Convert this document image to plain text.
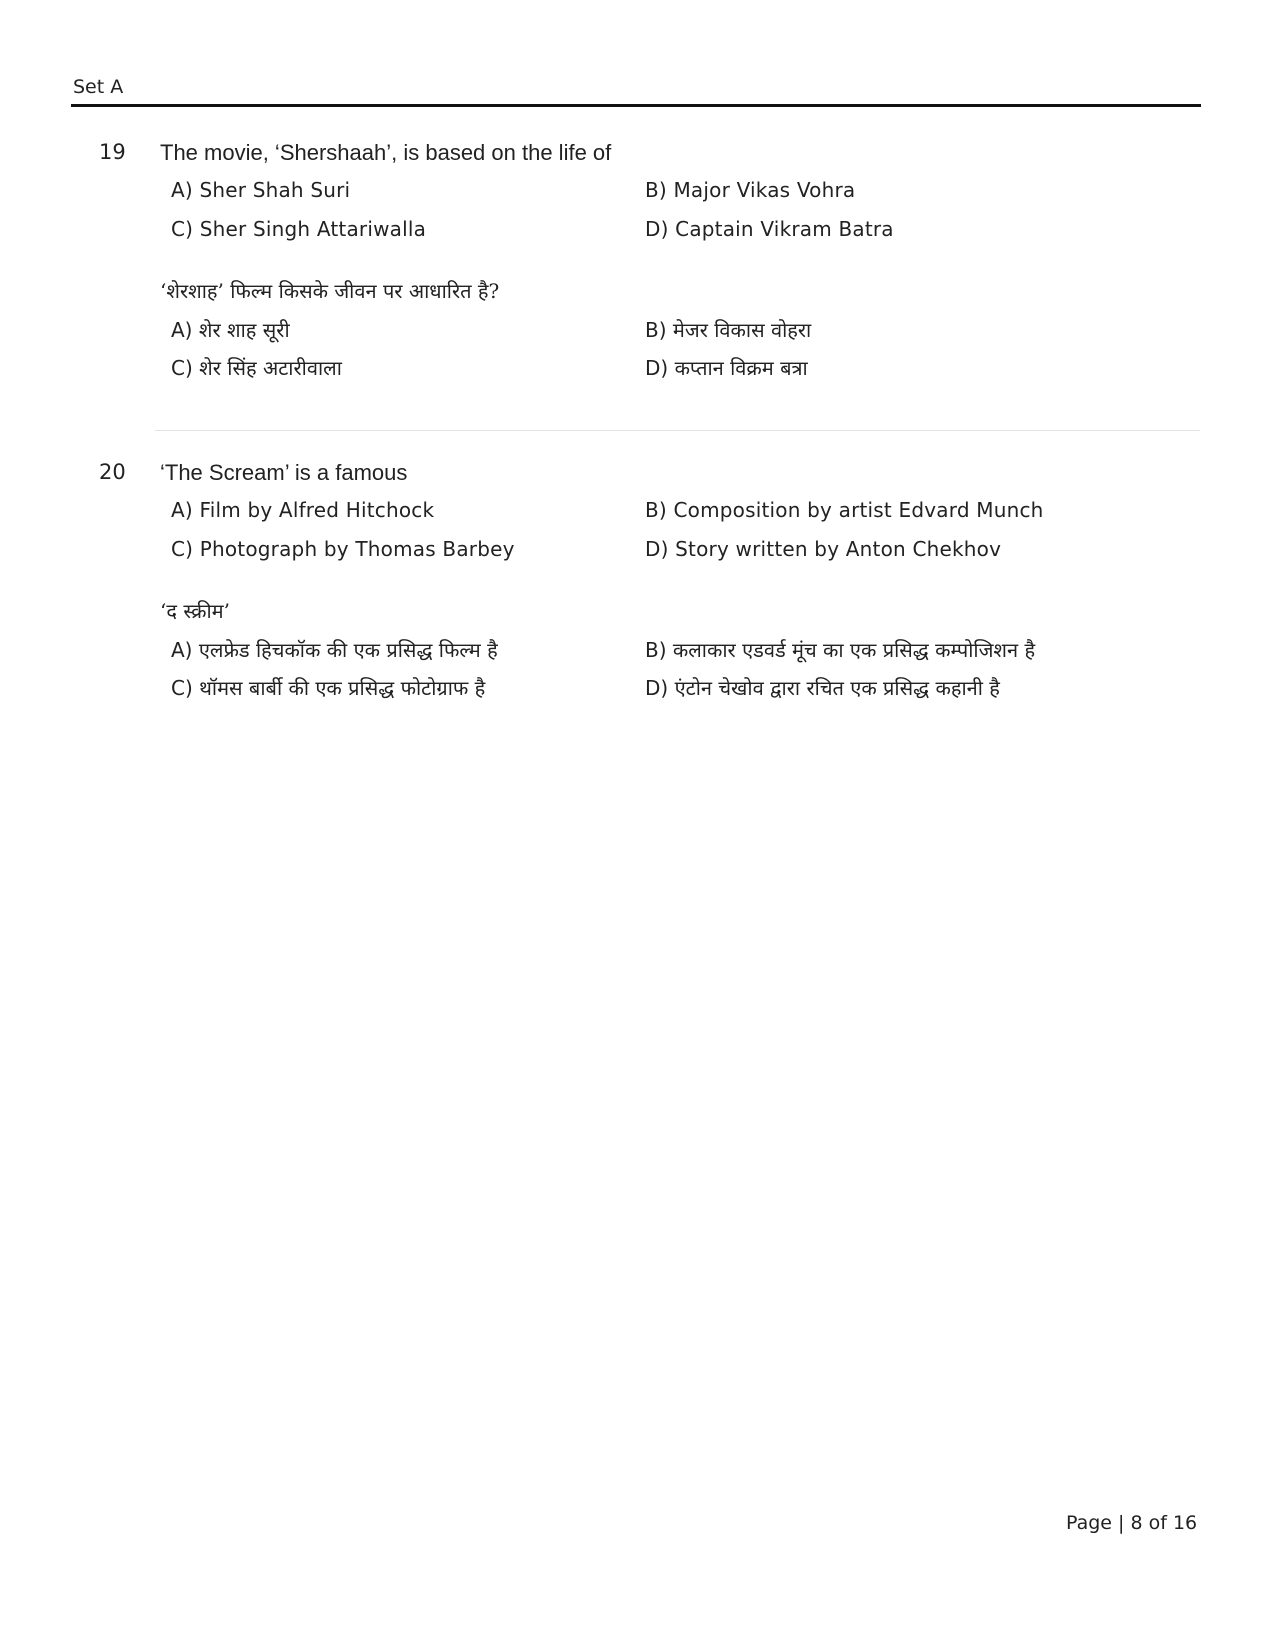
Set A
19 The movie, ‘Shershaah’, is based on the life of
A) Sher Shah Suri	B) Major Vikas Vohra
C) Sher Singh Attariwalla	D) Captain Vikram Batra
‘शेरशाह’ फिल्म किसके जीवन पर आधारित है?
A) शेर शाह सूरी	B) मेजर विकास वोहरा
C) शेर सिंह अटारीवाला	D) कप्तान विक्रम बत्रा
20 ‘The Scream’ is a famous
A) Film by Alfred Hitchock	B) Composition by artist Edvard Munch
C) Photograph by Thomas Barbey	D) Story written by Anton Chekhov
‘द स्क्रीम’
A) एलफ्रेड हिचकॉक की एक प्रसिद्ध फिल्म है	B) कलाकार एडवर्ड मूंच का एक प्रसिद्ध कम्पोजिशन है
C) थॉमस बार्बी की एक प्रसिद्ध फोटोग्राफ है	D) एंटोन चेखोव द्वारा रचित एक प्रसिद्ध कहानी है
Page | 8 of 16
